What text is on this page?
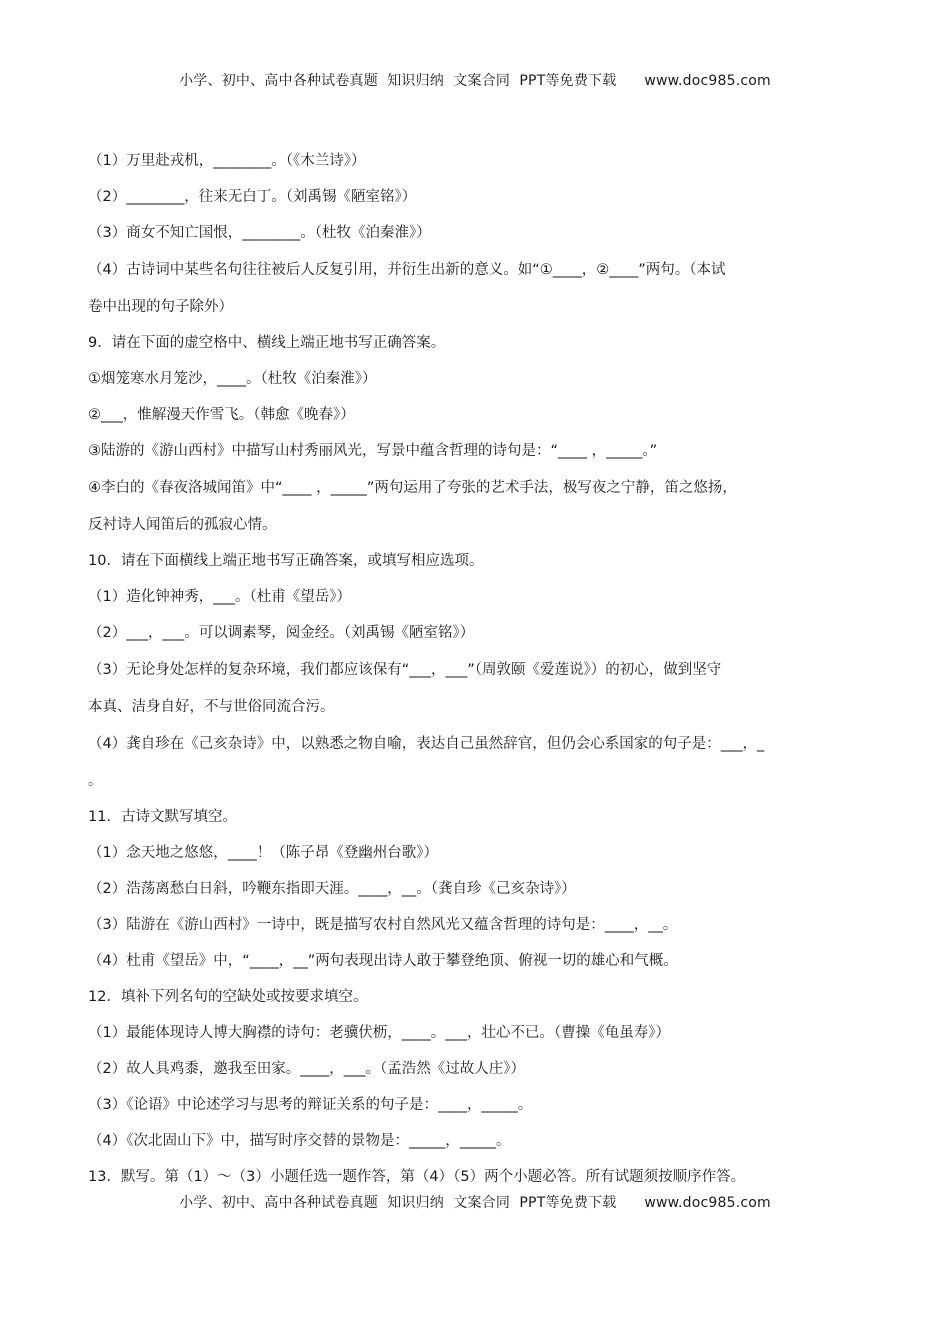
小学、初中、高中各种试卷真题  知识归纳  文案合同  PPT等免费下载      www.doc985.com
（1）万里赴戎机，________。（《木兰诗》）
（2）________，往来无白丁。（刘禹锡《陋室铭》）
（3）商女不知亡国恨，________。（杜牧《泊秦淮》）
（4）古诗词中某些名句往往被后人反复引用，并衍生出新的意义。如“①____，②____”两句。（本试
卷中出现的句子除外）
9．请在下面的虚空格中、横线上端正地书写正确答案。
①烟笼寒水月笼沙，____。（杜牧《泊秦淮》）
②___，惟解漫天作雪飞。（韩愈《晚春》）
③陆游的《游山西村》中描写山村秀丽风光，写景中蕴含哲理的诗句是：“____ ，_____。”
④李白的《春夜洛城闻笛》中“____ ，_____”两句运用了夸张的艺术手法，极写夜之宁静，笛之悠扬，
反衬诗人闻笛后的孤寂心情。
10．请在下面横线上端正地书写正确答案，或填写相应选项。
（1）造化钟神秀，___。（杜甫《望岳》）
（2）___，___。可以调素琴，阅金经。（刘禹锡《陋室铭》）
（3）无论身处怎样的复杂环境，我们都应该保有“___，___”（周敦颐《爱莲说》）的初心，做到坚守
本真、洁身自好，不与世俗同流合污。
（4）龚自珍在《己亥杂诗》中，以熟悉之物自喻，表达自己虽然辞官，但仍会心系国家的句子是：___，_
。
11．古诗文默写填空。
（1）念天地之悠悠，____！（陈子昂《登幽州台歌》）
（2）浩荡离愁白日斜，吟鞭东指即天涯。____，__。（龚自珍《己亥杂诗》）
（3）陆游在《游山西村》一诗中，既是描写农村自然风光又蕴含哲理的诗句是：____，__。
（4）杜甫《望岳》中，“____，__”两句表现出诗人敢于攀登绝顶、俯视一切的雄心和气概。
12．填补下列名句的空缺处或按要求填空。
（1）最能体现诗人博大胸襟的诗句：老骥伏枥，____。___，壮心不已。（曹操《龟虽寿》）
（2）故人具鸡黍，邀我至田家。____，___。（孟浩然《过故人庄》）
（3）《论语》中论述学习与思考的辩证关系的句子是：____，_____。
（4）《次北固山下》中，描写时序交替的景物是：_____，_____。
13．默写。第（1）～（3）小题任选一题作答，第（4）（5）两个小题必答。所有试题须按顺序作答。
小学、初中、高中各种试卷真题  知识归纳  文案合同  PPT等免费下载      www.doc985.com
